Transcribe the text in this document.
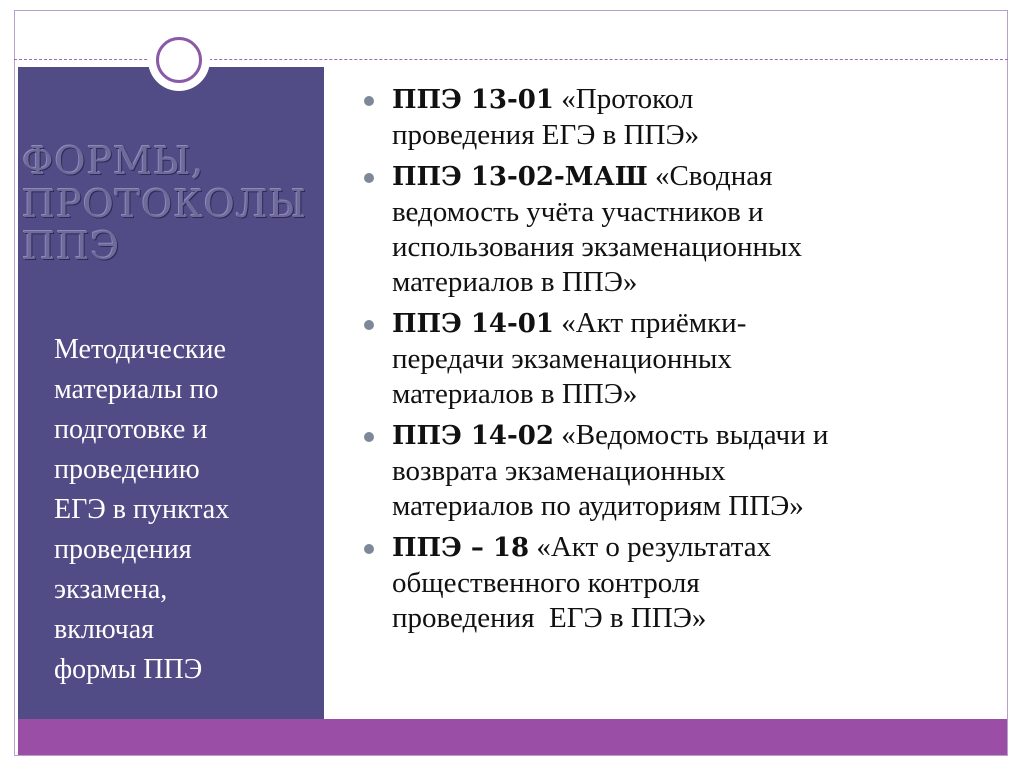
ФОРМЫ,
ПРОТОКОЛЫ
ППЭ

Методические
материалы по
подготовке и
проведению
ЕГЭ в пунктах
проведения
экзамена,
включая
формы ППЭ

ППЭ 13-01 «Протокол
проведения ЕГЭ в ППЭ»
ППЭ 13-02-МАШ «Сводная
ведомость учёта участников и
использования экзаменационных
материалов в ППЭ»
ППЭ 14-01 «Акт приёмки-
передачи экзаменационных
материалов в ППЭ»
ППЭ 14-02 «Ведомость выдачи и
возврата экзаменационных
материалов по аудиториям ППЭ»
ППЭ – 18 «Акт о результатах
общественного контроля
проведения  ЕГЭ в ППЭ»
